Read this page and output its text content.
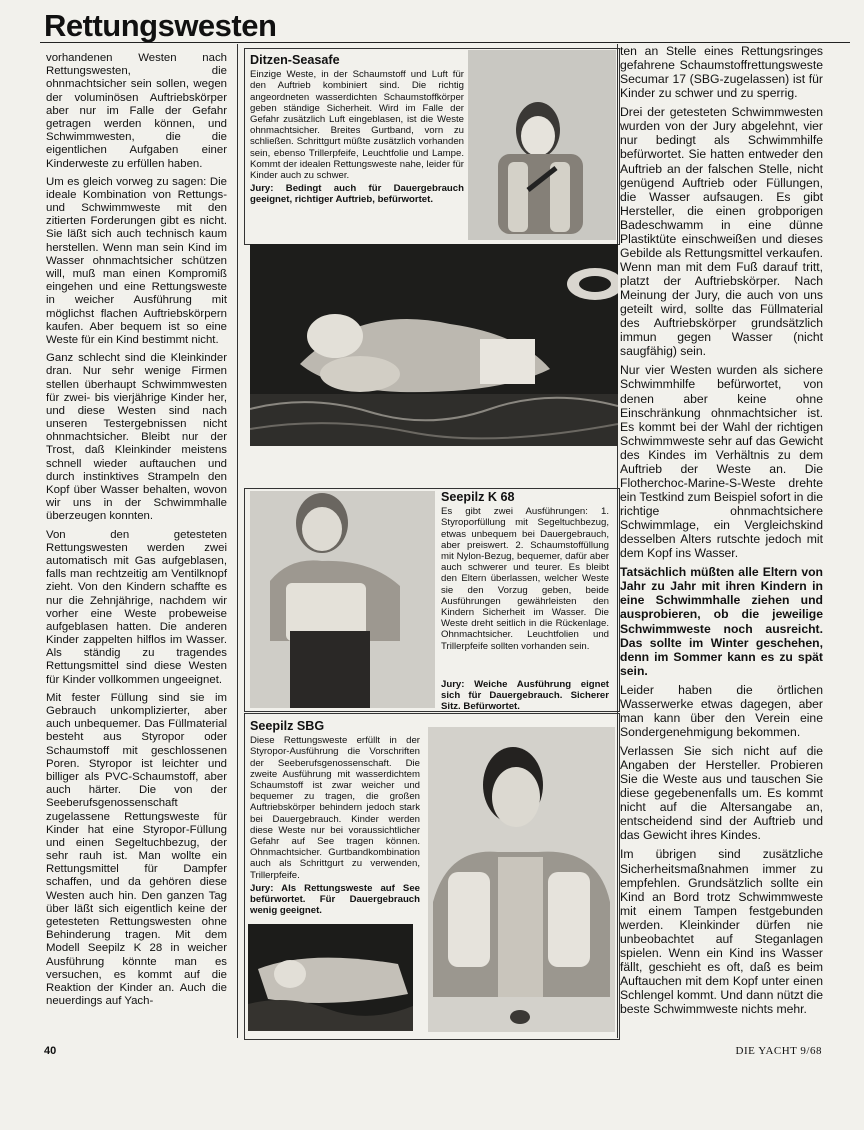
Rettungswesten

vorhandenen Westen nach Rettungswesten, die ohnmachtsicher sein sollen, wegen der voluminösen Auftriebskörper aber nur im Falle der Gefahr getragen werden können, und Schwimmwesten, die die eigentlichen Aufgaben einer Kinderweste zu erfüllen haben.

Um es gleich vorweg zu sagen: Die ideale Kombination von Rettungs- und Schwimmweste mit den zitierten Forderungen gibt es nicht. Sie läßt sich auch technisch kaum herstellen. Wenn man sein Kind im Wasser ohnmachtsicher schützen will, muß man einen Kompromiß eingehen und eine Rettungsweste in weicher Ausführung mit möglichst flachen Auftriebskörpern kaufen. Aber bequem ist so eine Weste für ein Kind bestimmt nicht.

Ganz schlecht sind die Kleinkinder dran. Nur sehr wenige Firmen stellen überhaupt Schwimmwesten für zwei- bis vierjährige Kinder her, und diese Westen sind nach unseren Testergebnissen nicht ohnmachtsicher. Bleibt nur der Trost, daß Kleinkinder meistens schnell wieder auftauchen und durch instinktives Strampeln den Kopf über Wasser behalten, wovon wir uns in der Schwimmhalle überzeugen konnten.

Von den getesteten Rettungswesten werden zwei automatisch mit Gas aufgeblasen, falls man rechtzeitig am Ventilknopf zieht. Von den Kindern schaffte es nur die Zehnjährige, nachdem wir vorher eine Weste probeweise aufgeblasen hatten. Die anderen Kinder zappelten hilflos im Wasser. Als ständig zu tragendes Rettungsmittel sind diese Westen für Kinder vollkommen ungeeignet.

Mit fester Füllung sind sie im Gebrauch unkomplizierter, aber auch unbequemer. Das Füllmaterial besteht aus Styropor oder Schaumstoff mit geschlossenen Poren. Styropor ist leichter und billiger als PVC-Schaumstoff, aber auch härter. Die von der Seeberufsgenossenschaft zugelassene Rettungsweste für Kinder hat eine Styropor-Füllung und einen Segeltuchbezug, der sehr rauh ist. Man wollte ein Rettungsmittel für Dampfer schaffen, und da gehören diese Westen auch hin. Den ganzen Tag über läßt sich eigentlich keine der getesteten Rettungswesten ohne Behinderung tragen. Mit dem Modell Seepilz K 28 in weicher Ausführung könnte man es versuchen, es kommt auf die Reaktion der Kinder an. Auch die neuerdings auf Yach-

Ditzen-Seasafe

Einzige Weste, in der Schaumstoff und Luft für den Auftrieb kombiniert sind. Die richtig angeordneten wasserdichten Schaumstoffkörper geben ständige Sicherheit. Wird im Falle der Gefahr zusätzlich Luft eingeblasen, ist die Weste ohnmachtsicher. Breites Gurtband, vorn zu schließen. Schrittgurt müßte zusätzlich vorhanden sein, ebenso Trillerpfeife, Leuchtfolie und Lampe. Kommt der idealen Rettungsweste nahe, leider für Kinder auch zu schwer.

Jury: Bedingt auch für Dauergebrauch geeignet, richtiger Auftrieb, befürwortet.

Seepilz K 68

Es gibt zwei Ausführungen: 1. Styroporfüllung mit Segeltuchbezug, etwas unbequem bei Dauergebrauch, aber preiswert. 2. Schaumstoffüllung mit Nylon-Bezug, bequemer, dafür aber auch schwerer und teurer. Es bleibt den Eltern überlassen, welcher Weste sie den Vorzug geben, beide Ausführungen gewährleisten den Kindern Sicherheit im Wasser. Die Weste dreht seitlich in die Rückenlage. Ohnmachtsicher. Leuchtfolien und Trillerpfeife sollten vorhanden sein.

Jury: Weiche Ausführung eignet sich für Dauergebrauch. Sicherer Sitz. Befürwortet.

Seepilz SBG

Diese Rettungsweste erfüllt in der Styropor-Ausführung die Vorschriften der Seeberufsgenossenschaft. Die zweite Ausführung mit wasserdichtem Schaumstoff ist zwar weicher und bequemer zu tragen, die großen Auftriebskörper behindern jedoch stark bei Dauergebrauch. Kinder werden diese Weste nur bei voraussichtlicher Gefahr auf See tragen können. Ohnmachtsicher. Gurtbandkombination auch als Schrittgurt zu verwenden, Trillerpfeife.

Jury: Als Rettungsweste auf See befürwortet. Für Dauergebrauch wenig geeignet.

ten an Stelle eines Rettungsringes gefahrene Schaumstoffrettungsweste Secumar 17 (SBG-zugelassen) ist für Kinder zu schwer und zu sperrig.

Drei der getesteten Schwimmwesten wurden von der Jury abgelehnt, vier nur bedingt als Schwimmhilfe befürwortet. Sie hatten entweder den Auftrieb an der falschen Stelle, nicht genügend Auftrieb oder Füllungen, die Wasser aufsaugen. Es gibt Hersteller, die einen grobporigen Badeschwamm in eine dünne Plastiktüte einschweißen und dieses Gebilde als Rettungsmittel verkaufen. Wenn man mit dem Fuß darauf tritt, platzt der Auftriebskörper. Nach Meinung der Jury, die auch von uns geteilt wird, sollte das Füllmaterial des Auftriebskörper grundsätzlich immun gegen Wasser (nicht saugfähig) sein.

Nur vier Westen wurden als sichere Schwimmhilfe befürwortet, von denen aber keine ohne Einschränkung ohnmachtsicher ist. Es kommt bei der Wahl der richtigen Schwimmweste sehr auf das Gewicht des Kindes im Verhältnis zu dem Auftrieb der Weste an. Die Flotherchoc-Marine-S-Weste drehte ein Testkind zum Beispiel sofort in die richtige ohnmachtsichere Schwimmlage, ein Vergleichskind desselben Alters rutschte jedoch mit dem Kopf ins Wasser.

Tatsächlich müßten alle Eltern von Jahr zu Jahr mit ihren Kindern in eine Schwimmhalle ziehen und ausprobieren, ob die jeweilige Schwimmweste noch ausreicht. Das sollte im Winter geschehen, denn im Sommer kann es zu spät sein.

Leider haben die örtlichen Wasserwerke etwas dagegen, aber man kann über den Verein eine Sondergenehmigung bekommen.

Verlassen Sie sich nicht auf die Angaben der Hersteller. Probieren Sie die Weste aus und tauschen Sie diese gegebenenfalls um. Es kommt nicht auf die Altersangabe an, entscheidend sind der Auftrieb und das Gewicht ihres Kindes.

Im übrigen sind zusätzliche Sicherheitsmaßnahmen immer zu empfehlen. Grundsätzlich sollte ein Kind an Bord trotz Schwimmweste mit einem Tampen festgebunden werden. Kleinkinder dürfen nie unbeobachtet auf Steganlagen spielen. Wenn ein Kind ins Wasser fällt, geschieht es oft, daß es beim Auftauchen mit dem Kopf unter einen Schlengel kommt. Und dann nützt die beste Schwimmweste nichts mehr.

40	DIE YACHT 9/68
